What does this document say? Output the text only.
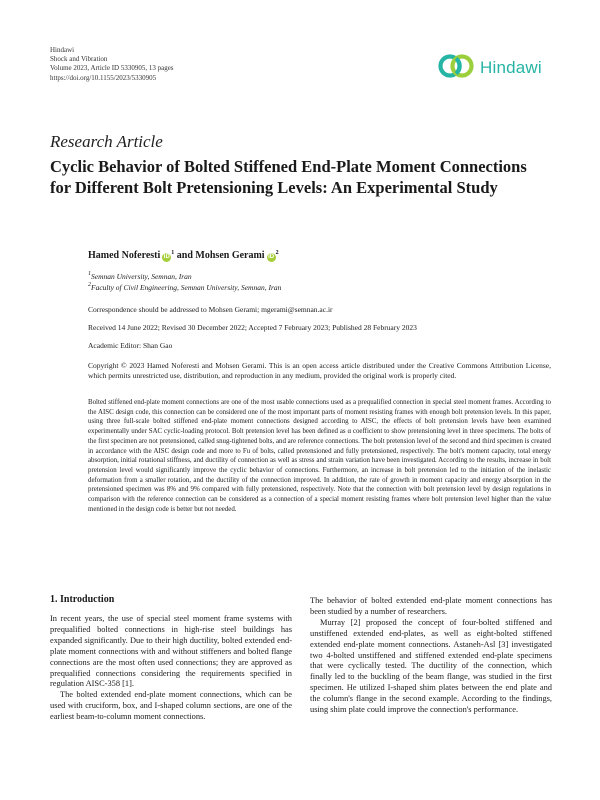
Hindawi
Shock and Vibration
Volume 2023, Article ID 5330905, 13 pages
https://doi.org/10.1155/2023/5330905
Hindawi
Research Article
Cyclic Behavior of Bolted Stiffened End-Plate Moment Connections for Different Bolt Pretensioning Levels: An Experimental Study
Hamed Noferesti $iD^1$ and Mohsen Gerami $iD^2$
$^1$Semnan University, Semnan, Iran
$^2$Faculty of Civil Engineering, Semnan University, Semnan, Iran
Correspondence should be addressed to Mohsen Gerami; mgerami@semnan.ac.ir
Received 14 June 2022; Revised 30 December 2022; Accepted 7 February 2023; Published 28 February 2023
Academic Editor: Shan Gao
Copyright © 2023 Hamed Noferesti and Mohsen Gerami. This is an open access article distributed under the Creative Commons Attribution License, which permits unrestricted use, distribution, and reproduction in any medium, provided the original work is properly cited.
Bolted stiffened end-plate moment connections are one of the most usable connections used as a prequalified connection in special steel moment frames. According to the AISC design code, this connection can be considered one of the most important parts of moment resisting frames with enough bolt pretension levels. In this paper, using three full-scale bolted stiffened end-plate moment connections designed according to AISC, the effects of bolt pretension levels have been examined experimentally under SAC cyclic-loading protocol. Bolt pretension level has been defined as α coefficient to show pretensioning level in three specimens. The bolts of the first specimen are not pretensioned, called snug-tightened bolts, and are reference connections. The bolt pretension level of the second and third specimen is created in accordance with the AISC design code and more to Fu of bolts, called pretensioned and fully pretensioned, respectively. The bolt's moment capacity, total energy absorption, initial rotational stiffness, and ductility of connection as well as stress and strain variation have been investigated. According to the results, increase in bolt pretension level would significantly improve the cyclic behavior of connections. Furthermore, an increase in bolt pretension led to the initiation of the inelastic deformation from a smaller rotation, and the ductility of the connection improved. In addition, the rate of growth in moment capacity and energy absorption in the pretensioned specimen was 8% and 9% compared with fully pretensioned, respectively. Note that the connection with bolt pretension level by design regulations in comparison with the reference connection can be considered as a connection of a special moment resisting frames where bolt pretension level higher than the value mentioned in the design code is better but not needed.
1. Introduction

In recent years, the use of special steel moment frame systems with prequalified bolted connections in high-rise steel buildings has expanded significantly. Due to their high ductility, bolted extended end-plate moment connections with and without stiffeners and bolted flange connections are the most often used connections; they are approved as prequalified connections considering the requirements specified in regulation AISC-358 [1].

The bolted extended end-plate moment connections, which can be used with cruciform, box, and I-shaped column sections, are one of the earliest beam-to-column moment connections.

The behavior of bolted extended end-plate moment connections has been studied by a number of researchers.

Murray [2] proposed the concept of four-bolted stiffened and unstiffened extended end-plates, as well as eight-bolted stiffened extended end-plate moment connections. Astaneh-Asl [3] investigated two 4-bolted unstiffened and stiffened extended end-plate specimens that were cyclically tested. The ductility of the connection, which finally led to the buckling of the beam flange, was studied in the first specimen. He utilized I-shaped shim plates between the end plate and the column's flange in the second example. According to the findings, using shim plate could improve the connection's performance.
